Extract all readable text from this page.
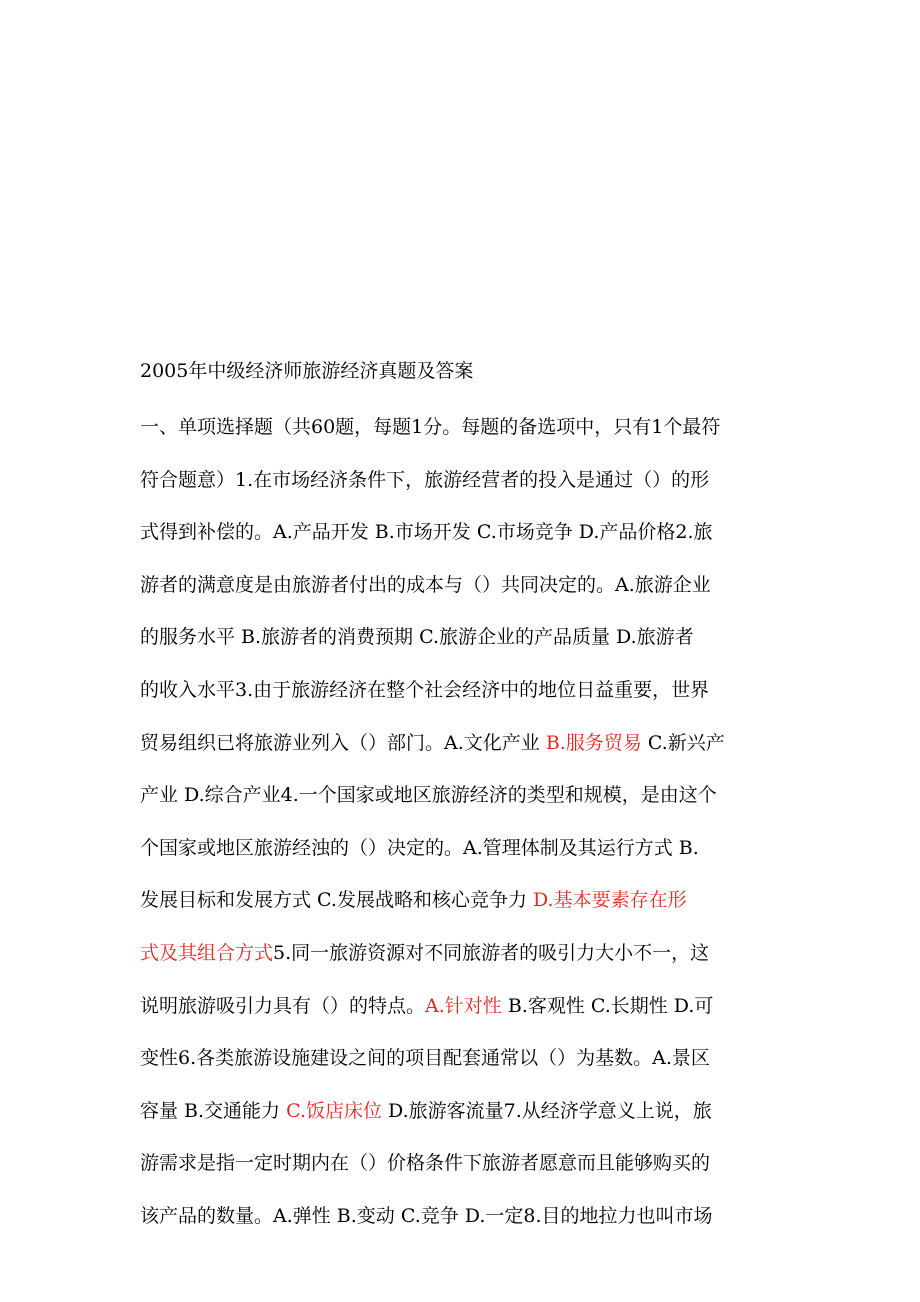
2005年中级经济师旅游经济真题及答案
一、单项选择题（共60题，每题1分。每题的备选项中，只有1个最符
符合题意）1.在市场经济条件下，旅游经营者的投入是通过（）的形
式得到补偿的。A.产品开发 B.市场开发 C.市场竞争 D.产品价格2.旅
游者的满意度是由旅游者付出的成本与（）共同决定的。A.旅游企业
的服务水平 B.旅游者的消费预期 C.旅游企业的产品质量 D.旅游者
的收入水平3.由于旅游经济在整个社会经济中的地位日益重要，世界
贸易组织已将旅游业列入（）部门。A.文化产业 B.服务贸易 C.新兴产
产业 D.综合产业4.一个国家或地区旅游经济的类型和规模，是由这个
个国家或地区旅游经浊的（）决定的。A.管理体制及其运行方式 B.
发展目标和发展方式 C.发展战略和核心竞争力 D.基本要素存在形
式及其组合方式5.同一旅游资源对不同旅游者的吸引力大小不一，这
说明旅游吸引力具有（）的特点。A.针对性 B.客观性 C.长期性 D.可
变性6.各类旅游设施建设之间的项目配套通常以（）为基数。A.景区
容量 B.交通能力 C.饭店床位 D.旅游客流量7.从经济学意义上说，旅
游需求是指一定时期内在（）价格条件下旅游者愿意而且能够购买的
该产品的数量。A.弹性 B.变动 C.竞争 D.一定8.目的地拉力也叫市场
